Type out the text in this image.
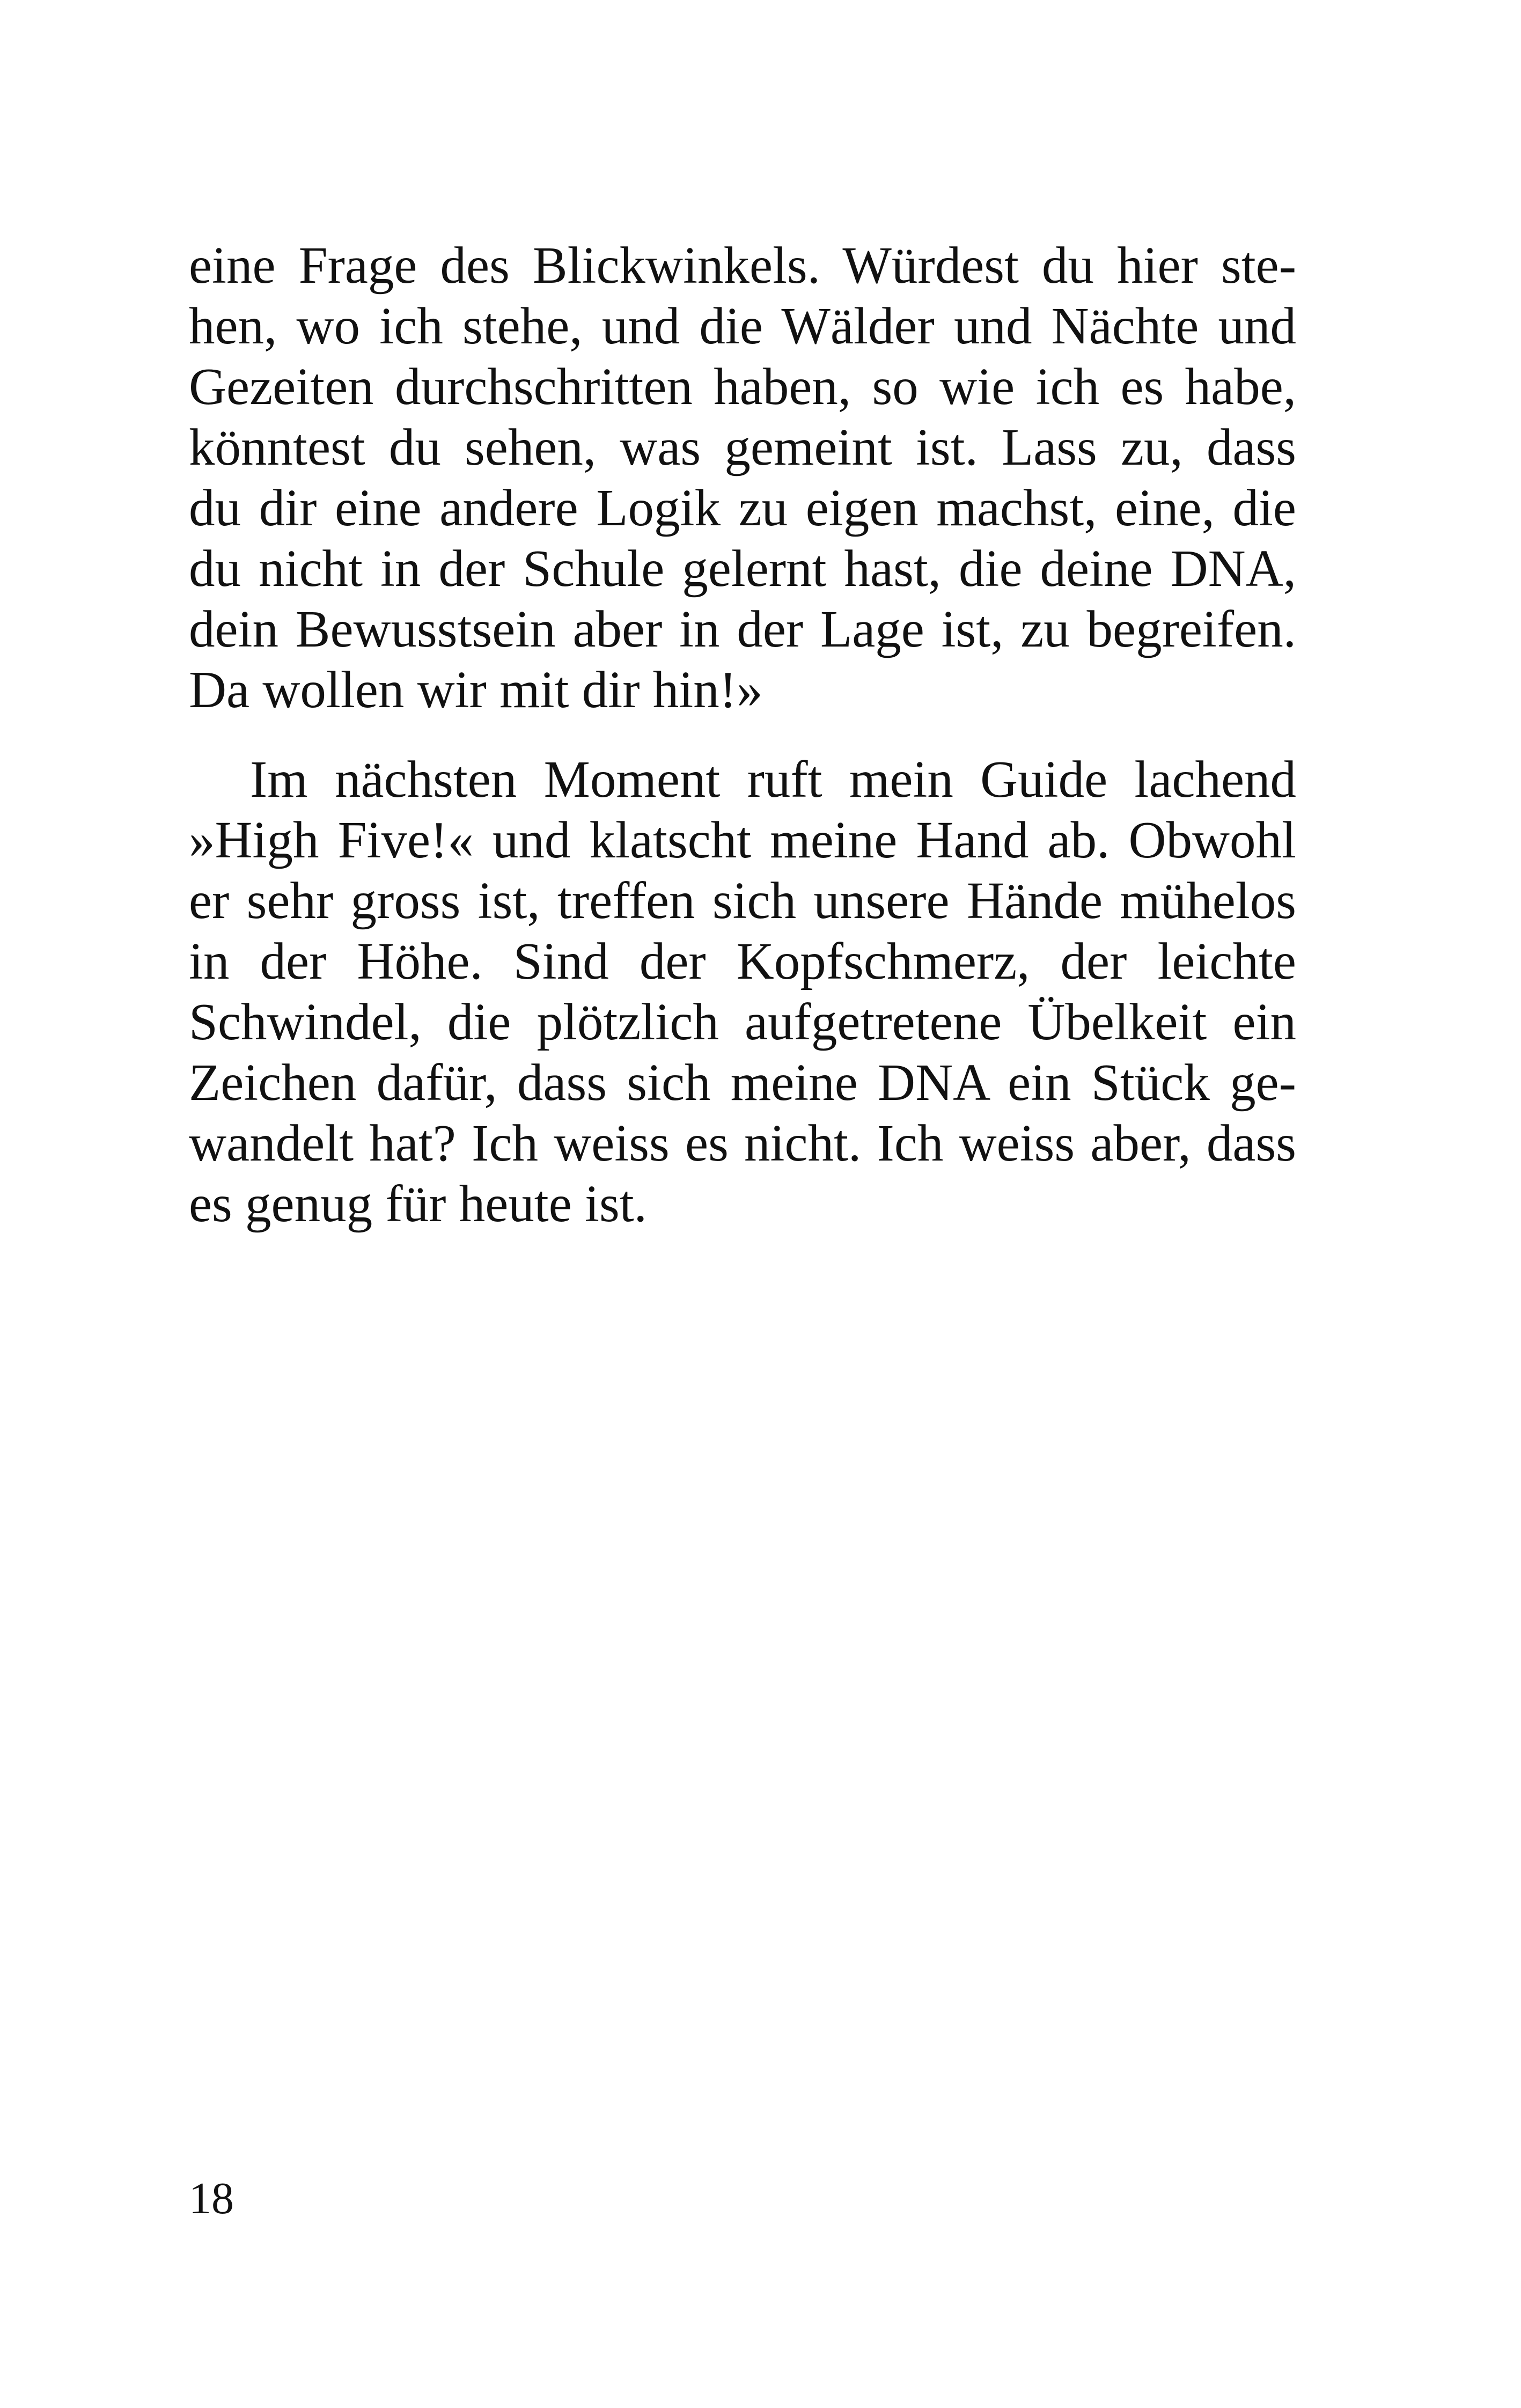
eine Frage des Blickwinkels. Würdest du hier ste-
hen, wo ich stehe, und die Wälder und Nächte und
Gezeiten durchschritten haben, so wie ich es habe,
könntest du sehen, was gemeint ist. Lass zu, dass
du dir eine andere Logik zu eigen machst, eine, die
du nicht in der Schule gelernt hast, die deine DNA,
dein Bewusstsein aber in der Lage ist, zu begreifen.
Da wollen wir mit dir hin!»
Im nächsten Moment ruft mein Guide lachend
»High Five!« und klatscht meine Hand ab. Obwohl
er sehr gross ist, treffen sich unsere Hände mühelos
in der Höhe. Sind der Kopfschmerz, der leichte
Schwindel, die plötzlich aufgetretene Übelkeit ein
Zeichen dafür, dass sich meine DNA ein Stück ge-
wandelt hat? Ich weiss es nicht. Ich weiss aber, dass
es genug für heute ist.
18
